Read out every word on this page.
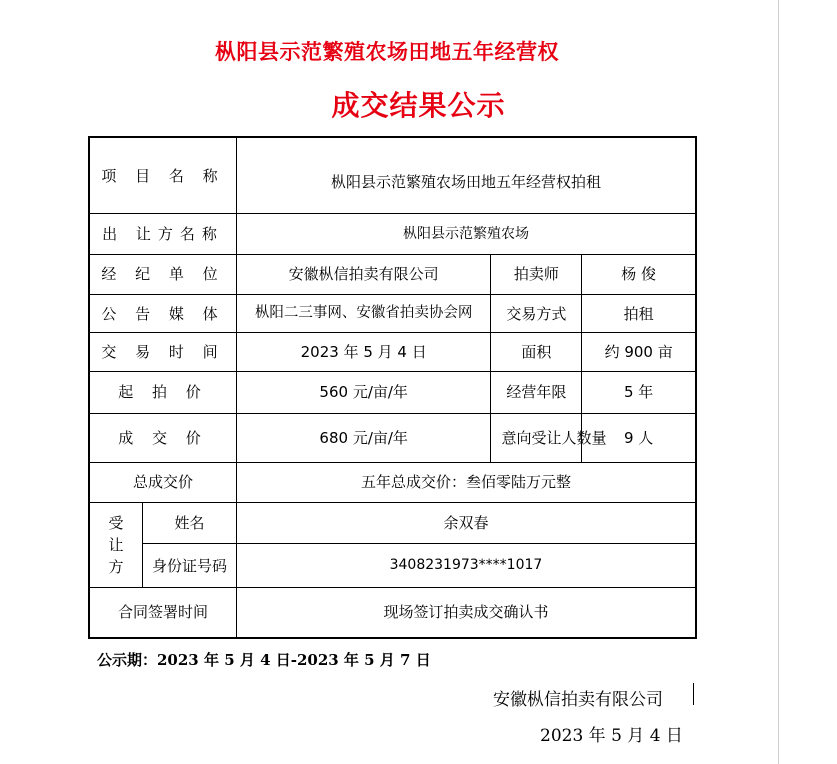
枞阳县示范繁殖农场田地五年经营权
成交结果公示
项 目 名 称		枞阳县示范繁殖农场田地五年经营权拍租		
出 让方名称		枞阳县示范繁殖农场		
经 纪 单 位		安徽枞信拍卖有限公司	拍卖师	杨 俊
公 告 媒 体		枞阳二三事网、安徽省拍卖协会网	交易方式	拍租
交 易 时 间		2023 年 5 月 4 日	面积	约 900 亩
起 拍 价		560 元/亩/年	经营年限	5 年
成 交 价		680 元/亩/年	意向受让人数量	9 人
总成交价		五年总成交价：叁佰零陆万元整		

受让方	姓名	余双春		
	身份证号码	3408231973****1017		
合同签署时间		现场签订拍卖成交确认书		
公示期：2023 年 5 月 4 日-2023 年 5 月 7 日
安徽枞信拍卖有限公司
2023 年 5 月 4 日
